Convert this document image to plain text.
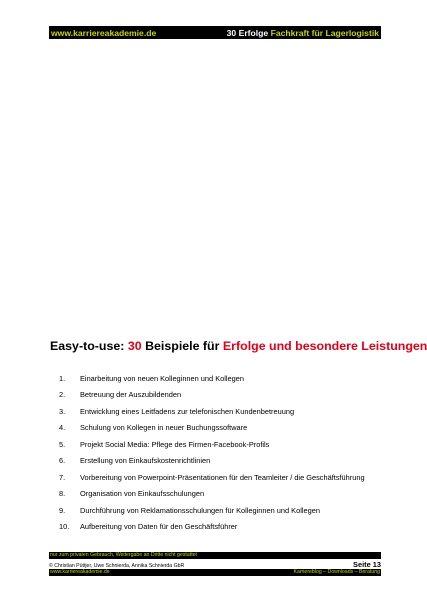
www.karriereakademie.de	30 Erfolge Fachkraft für Lagerlogistik
Easy-to-use: 30 Beispiele für Erfolge und besondere Leistungen
1.	Einarbeitung von neuen Kolleginnen und Kollegen
2.	Betreuung der Auszubildenden
3.	Entwicklung eines Leitfadens zur telefonischen Kundenbetreuung
4.	Schulung von Kollegen in neuer Buchungssoftware
5.	Projekt Social Media: Pflege des Firmen-Facebook-Profils
6.	Erstellung von Einkaufskostenrichtlinien
7.	Vorbereitung von Powerpoint-Präsentationen für den Teamleiter / die Geschäftsführung
8.	Organisation von Einkaufsschulungen
9.	Durchführung von Reklamationsschulungen für Kolleginnen und Kollegen
10.	Aufbereitung von Daten für den Geschäftsführer
nur zum privaten Gebrauch, Weitergabe an Dritte nicht gestattet
© Christian Püttjer, Uwe Schnierda, Annika Schnierda GbR	Seite 13
www.karriereakademie.de	Karriereblog – Downloads – Beratung
